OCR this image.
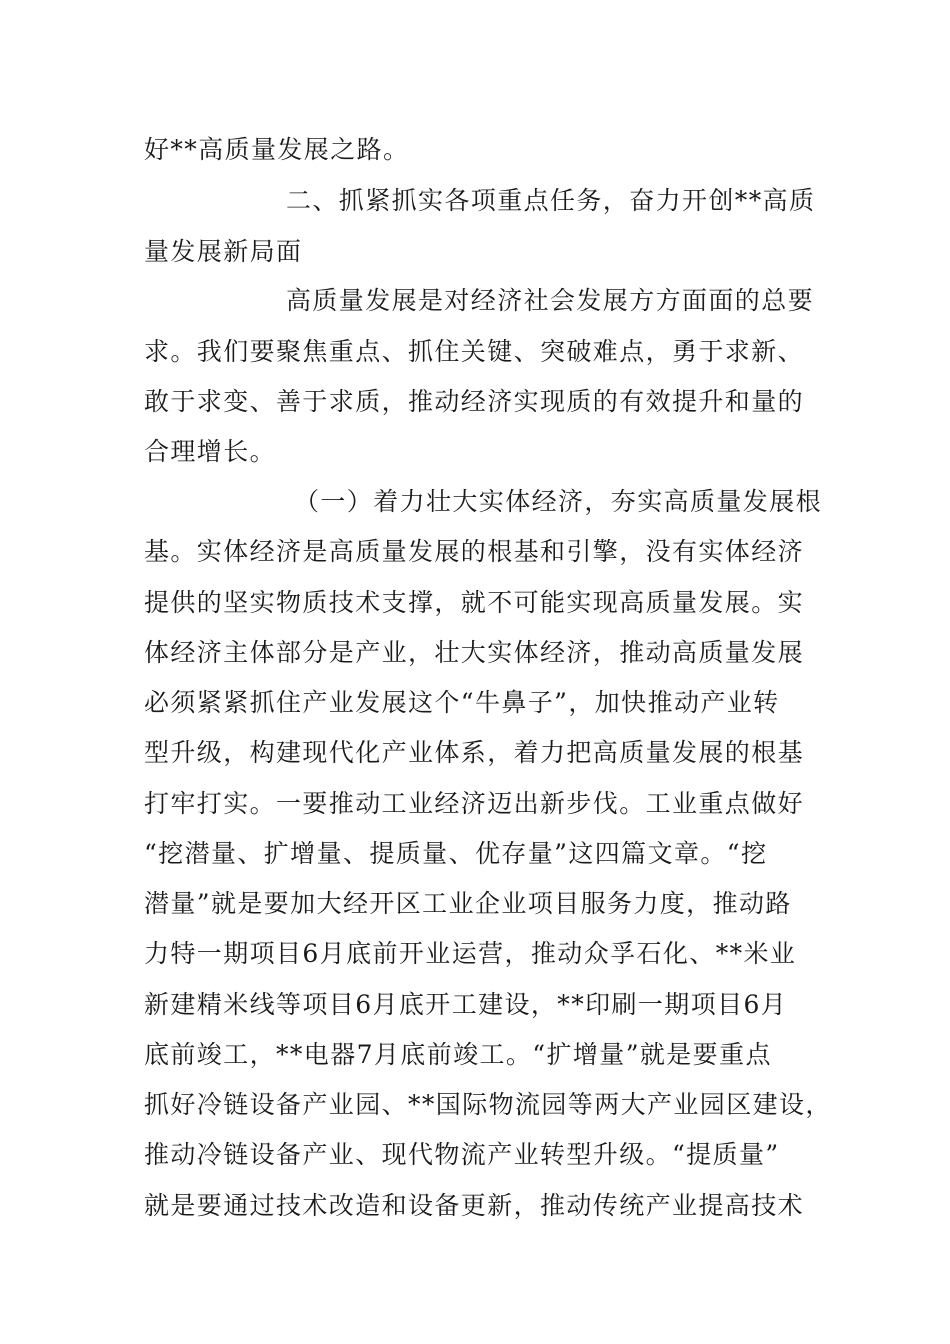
好**高质量发展之路。
二、抓紧抓实各项重点任务，奋力开创**高质
量发展新局面
高质量发展是对经济社会发展方方面面的总要
求。我们要聚焦重点、抓住关键、突破难点，勇于求新、
敢于求变、善于求质，推动经济实现质的有效提升和量的
合理增长。
（一）着力壮大实体经济，夯实高质量发展根
基。实体经济是高质量发展的根基和引擎，没有实体经济
提供的坚实物质技术支撑，就不可能实现高质量发展。实
体经济主体部分是产业，壮大实体经济，推动高质量发展
必须紧紧抓住产业发展这个“牛鼻子”，加快推动产业转
型升级，构建现代化产业体系，着力把高质量发展的根基
打牢打实。一要推动工业经济迈出新步伐。工业重点做好
“挖潜量、扩增量、提质量、优存量”这四篇文章。“挖
潜量”就是要加大经开区工业企业项目服务力度，推动路
力特一期项目6月底前开业运营，推动众孚石化、**米业
新建精米线等项目6月底开工建设，**印刷一期项目6月
底前竣工，**电器7月底前竣工。“扩增量”就是要重点
抓好冷链设备产业园、**国际物流园等两大产业园区建设，
推动冷链设备产业、现代物流产业转型升级。“提质量”
就是要通过技术改造和设备更新，推动传统产业提高技术
